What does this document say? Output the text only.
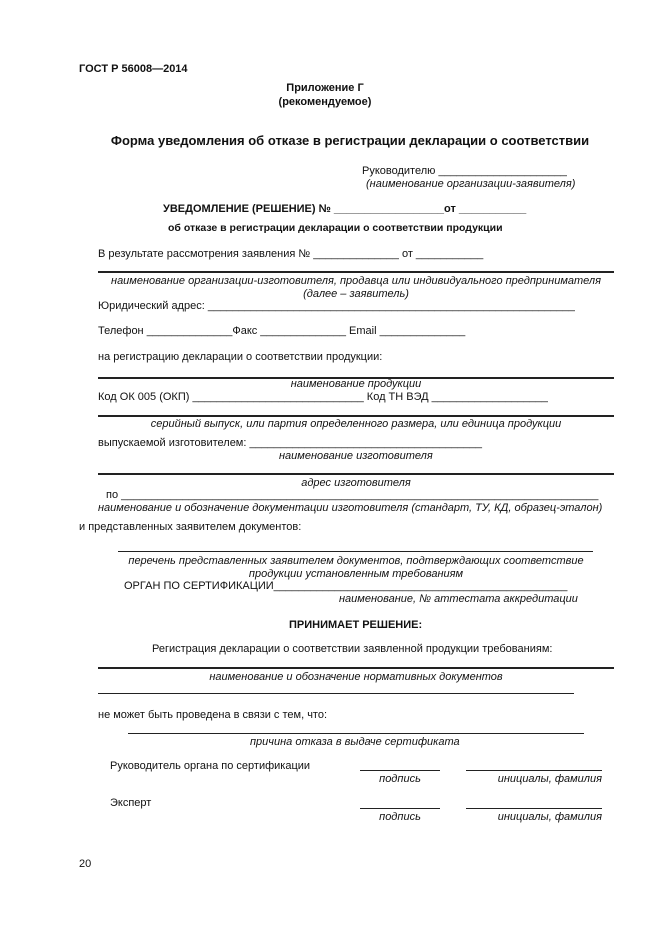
ГОСТ Р 56008—2014
Приложение Г
(рекомендуемое)
Форма уведомления об отказе в регистрации декларации о соответствии
Руководителю _____________________
(наименование организации-заявителя)
УВЕДОМЛЕНИЕ (РЕШЕНИЕ) № __________________от ___________
об отказе в регистрации декларации о соответствии продукции
В результате рассмотрения заявления № ______________ от ___________
наименование организации-изготовителя, продавца или индивидуального предпринимателя
(далее – заявитель)
Юридический адрес: ____________________________________________________________
Телефон ______________Факс ______________ Email ______________
на регистрацию декларации о соответствии продукции:
наименование продукции
Код ОК 005 (ОКП) ____________________________ Код ТН ВЭД ___________________
серийный выпуск, или партия определенного размера, или единица продукции
выпускаемой изготовителем: ______________________________________
наименование изготовителя
адрес изготовителя
по ______________________________________________________________________________
наименование и обозначение документации изготовителя (стандарт, ТУ, КД, образец-эталон)
и представленных заявителем документов:
перечень представленных заявителем документов, подтверждающих соответствие
продукции установленным требованиям
ОРГАН ПО СЕРТИФИКАЦИИ________________________________________________
наименование, № аттестата аккредитации
ПРИНИМАЕТ РЕШЕНИЕ:
Регистрация декларации о соответствии заявленной продукции требованиям:
наименование и обозначение нормативных документов
не может быть проведена в связи с тем, что:
причина отказа в выдаче сертификата
Руководитель органа по сертификации
подпись	инициалы, фамилия
Эксперт
подпись	инициалы, фамилия
20
